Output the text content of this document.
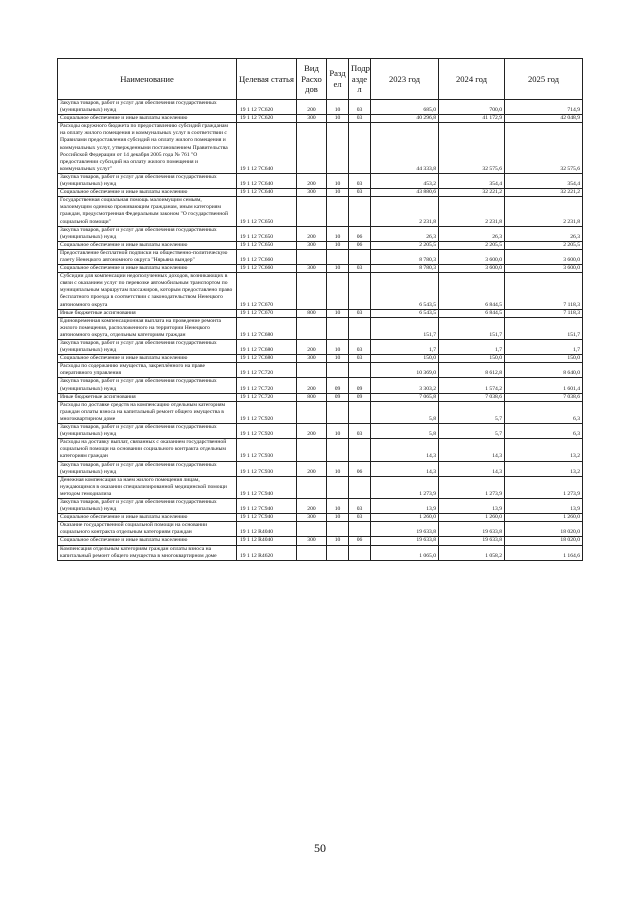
Наименование	Целевая статья	Вид Расхо дов	Разд ел	Подр азде л	2023 год	2024 год	2025 год
Закупка товаров, работ и услуг для обеспечения государственных (муниципальных) нужд	19 1 12 7С620	200	10	03	685,0	700,0	714,9
Социальное обеспечение и иные выплаты населению	19 1 12 7С620	300	10	03	40 296,8	41 172,9	42 048,9
Расходы окружного бюджета по предоставлению субсидий гражданам на оплату жилого помещения и коммунальных услуг в соответствии с Правилами предоставления субсидий на оплату жилого помещения и коммунальных услуг, утвержденными постановлением Правительства Российской Федерации от 14 декабря 2005 года № 761 "О предоставлении субсидий на оплату жилого помещения и коммунальных услуг"	19 1 12 7С640				44 333,8	32 575,6	32 575,6
Закупка товаров, работ и услуг для обеспечения государственных (муниципальных) нужд	19 1 12 7С640	200	10	03	453,2	354,4	354,4
Социальное обеспечение и иные выплаты населению	19 1 12 7С640	300	10	03	43 880,6	32 221,2	32 221,2
Государственная социальная помощь малоимущим семьям, малоимущим одиноко проживающим гражданам, иным категориям граждан, предусмотренная Федеральным законом "О государственной социальной помощи"	19 1 12 7С650				2 231,8	2 231,8	2 231,8
Закупка товаров, работ и услуг для обеспечения государственных (муниципальных) нужд	19 1 12 7С650	200	10	06	26,3	26,3	26,3
Социальное обеспечение и иные выплаты населению	19 1 12 7С650	300	10	06	2 205,5	2 205,5	2 205,5
Предоставление бесплатной подписки на общественно-политическую газету Ненецкого автономного округа "Нярьяна вындер"	19 1 12 7С660				8 780,3	3 600,0	3 600,0
Социальное обеспечение и иные выплаты населению	19 1 12 7С660	300	10	03	8 780,3	3 600,0	3 600,0
Субсидии для компенсации недополученных доходов, возникающих в связи с оказанием услуг по перевозке автомобильным транспортом по муниципальным маршрутам пассажиров, которым предоставлено право бесплатного проезда в соответствии с законодательством Ненецкого автономного округа	19 1 12 7С670				6 543,5	6 844,5	7 118,3
Иные бюджетные ассигнования	19 1 12 7С670	800	10	03	6 543,5	6 844,5	7 118,3
Единовременная компенсационная выплата на проведение ремонта жилого помещения, расположенного на территории Ненецкого автономного округа, отдельным категориям граждан	19 1 12 7С680				151,7	151,7	151,7
Закупка товаров, работ и услуг для обеспечения государственных (муниципальных) нужд	19 1 12 7С680	200	10	03	1,7	1,7	1,7
Социальное обеспечение и иные выплаты населению	19 1 12 7С680	300	10	03	150,0	150,0	150,0
Расходы по содержанию имущества, закреплённого на праве оперативного управления	19 1 12 7С720				10 369,0	8 612,8	8 640,0
Закупка товаров, работ и услуг для обеспечения государственных (муниципальных) нужд	19 1 12 7С720	200	09	09	3 303,2	1 574,2	1 601,4
Иные бюджетные ассигнования	19 1 12 7С720	800	09	09	7 065,8	7 038,6	7 038,6
Расходы по доставке средств на компенсацию отдельным категориям граждан оплаты взноса на капитальный ремонт общего имущества в многоквартирном доме	19 1 12 7С920				5,8	5,7	6,3
Закупка товаров, работ и услуг для обеспечения государственных (муниципальных) нужд	19 1 12 7С920	200	10	03	5,8	5,7	6,3
Расходы на доставку выплат, связанных с оказанием государственной социальной помощи на основании социального контракта отдельным категориям граждан	19 1 12 7С930				14,3	14,3	13,2
Закупка товаров, работ и услуг для обеспечения государственных (муниципальных) нужд	19 1 12 7С930	200	10	06	14,3	14,3	13,2
Денежная компенсация за наем жилого помещения лицам, нуждающимся в оказании специализированной медицинской помощи методом гемодиализа	19 1 12 7С940				1 273,9	1 273,9	1 273,9
Закупка товаров, работ и услуг для обеспечения государственных (муниципальных) нужд	19 1 12 7С940	200	10	03	13,9	13,9	13,9
Социальное обеспечение и иные выплаты населению	19 1 12 7С940	300	10	03	1 260,0	1 260,0	1 260,0
Оказание государственной социальной помощи на основании социального контракта отдельным категориям граждан	19 1 12 R4040				19 633,8	19 633,8	18 020,0
Социальное обеспечение и иные выплаты населению	19 1 12 R4040	300	10	06	19 633,8	19 633,8	18 020,0
Компенсация отдельным категориям граждан оплаты взноса на капитальный ремонт общего имущества в многоквартирном доме	19 1 12 R4620				1 065,0	1 058,2	1 164,6
50
